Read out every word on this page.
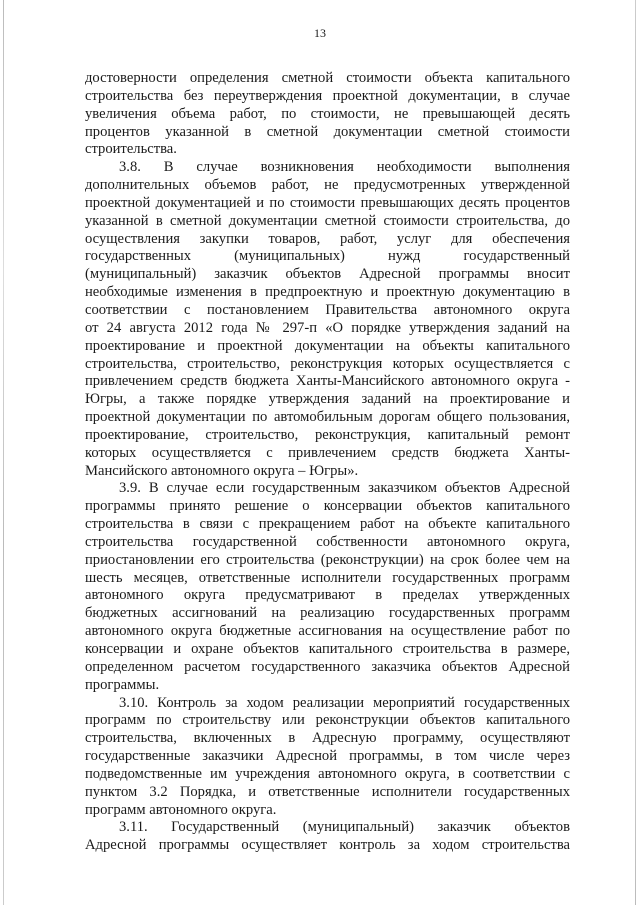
13
достоверности определения сметной стоимости объекта капитального
строительства без переутверждения проектной документации, в случае
увеличения объема работ, по стоимости, не превышающей десять
процентов указанной в сметной документации сметной стоимости
строительства.
3.8. В случае возникновения необходимости выполнения
дополнительных объемов работ, не предусмотренных утвержденной
проектной документацией и по стоимости превышающих десять процентов
указанной в сметной документации сметной стоимости строительства, до
осуществления закупки товаров, работ, услуг для обеспечения
государственных (муниципальных) нужд государственный
(муниципальный) заказчик объектов Адресной программы вносит
необходимые изменения в предпроектную и проектную документацию в
соответствии с постановлением Правительства автономного округа
от 24 августа 2012 года № 297-п «О порядке утверждения заданий на
проектирование и проектной документации на объекты капитального
строительства, строительство, реконструкция которых осуществляется с
привлечением средств бюджета Ханты-Мансийского автономного округа -
Югры, а также порядке утверждения заданий на проектирование и
проектной документации по автомобильным дорогам общего пользования,
проектирование, строительство, реконструкция, капитальный ремонт
которых осуществляется с привлечением средств бюджета Ханты-
Мансийского автономного округа – Югры».
3.9. В случае если государственным заказчиком объектов Адресной
программы принято решение о консервации объектов капитального
строительства в связи с прекращением работ на объекте капитального
строительства государственной собственности автономного округа,
приостановлении его строительства (реконструкции) на срок более чем на
шесть месяцев, ответственные исполнители государственных программ
автономного округа предусматривают в пределах утвержденных
бюджетных ассигнований на реализацию государственных программ
автономного округа бюджетные ассигнования на осуществление работ по
консервации и охране объектов капитального строительства в размере,
определенном расчетом государственного заказчика объектов Адресной
программы.
3.10. Контроль за ходом реализации мероприятий государственных
программ по строительству или реконструкции объектов капитального
строительства, включенных в Адресную программу, осуществляют
государственные заказчики Адресной программы, в том числе через
подведомственные им учреждения автономного округа, в соответствии с
пунктом 3.2 Порядка, и ответственные исполнители государственных
программ автономного округа.
3.11. Государственный (муниципальный) заказчик объектов
Адресной программы осуществляет контроль за ходом строительства
